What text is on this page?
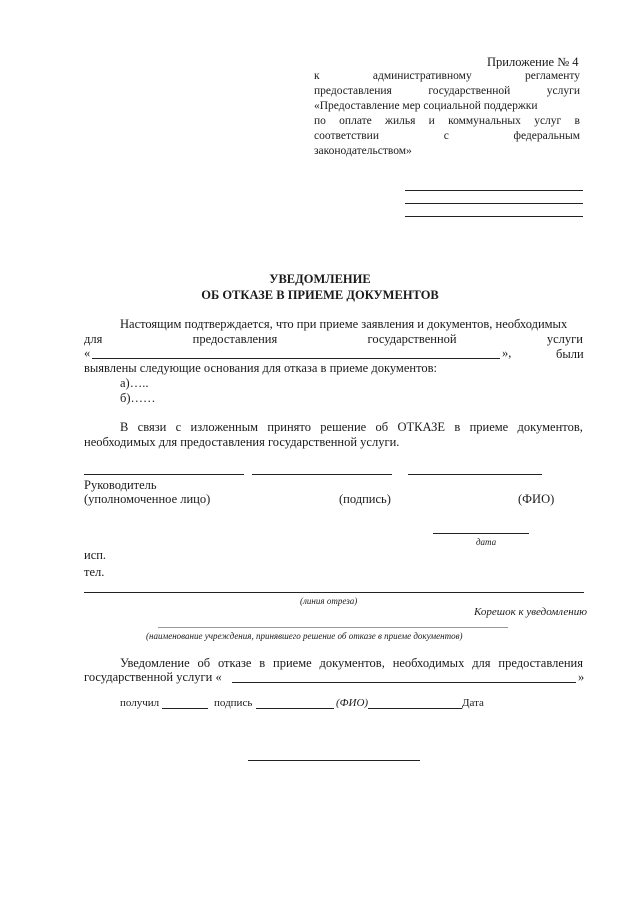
Приложение № 4
к	административному	регламенту
предоставления	государственной	услуги
«Предоставление мер социальной поддержки
по оплате жилья и коммунальных услуг в
соответствии	с	федеральным
законодательством»
УВЕДОМЛЕНИЕ
ОБ ОТКАЗЕ В ПРИЕМЕ ДОКУМЕНТОВ
Настоящим подтверждается, что при приеме заявления и документов, необходимых
для	предоставления	государственной	услуги
«	»,	были
выявлены следующие основания для отказа в приеме документов:
а)…..
б)……
В связи с изложенным принято решение об ОТКАЗЕ в приеме документов,
необходимых для предоставления государственной услуги.
Руководитель
(уполномоченное лицо)	(подпись)	(ФИО)
дата
исп.
тел.
(линия отреза)
Корешок к уведомлению
(наименование учреждения, принявшего решение об отказе в приеме документов)
Уведомление об отказе в приеме документов, необходимых для предоставления
государственной услуги «	»
получил	подпись	(ФИО)	Дата
